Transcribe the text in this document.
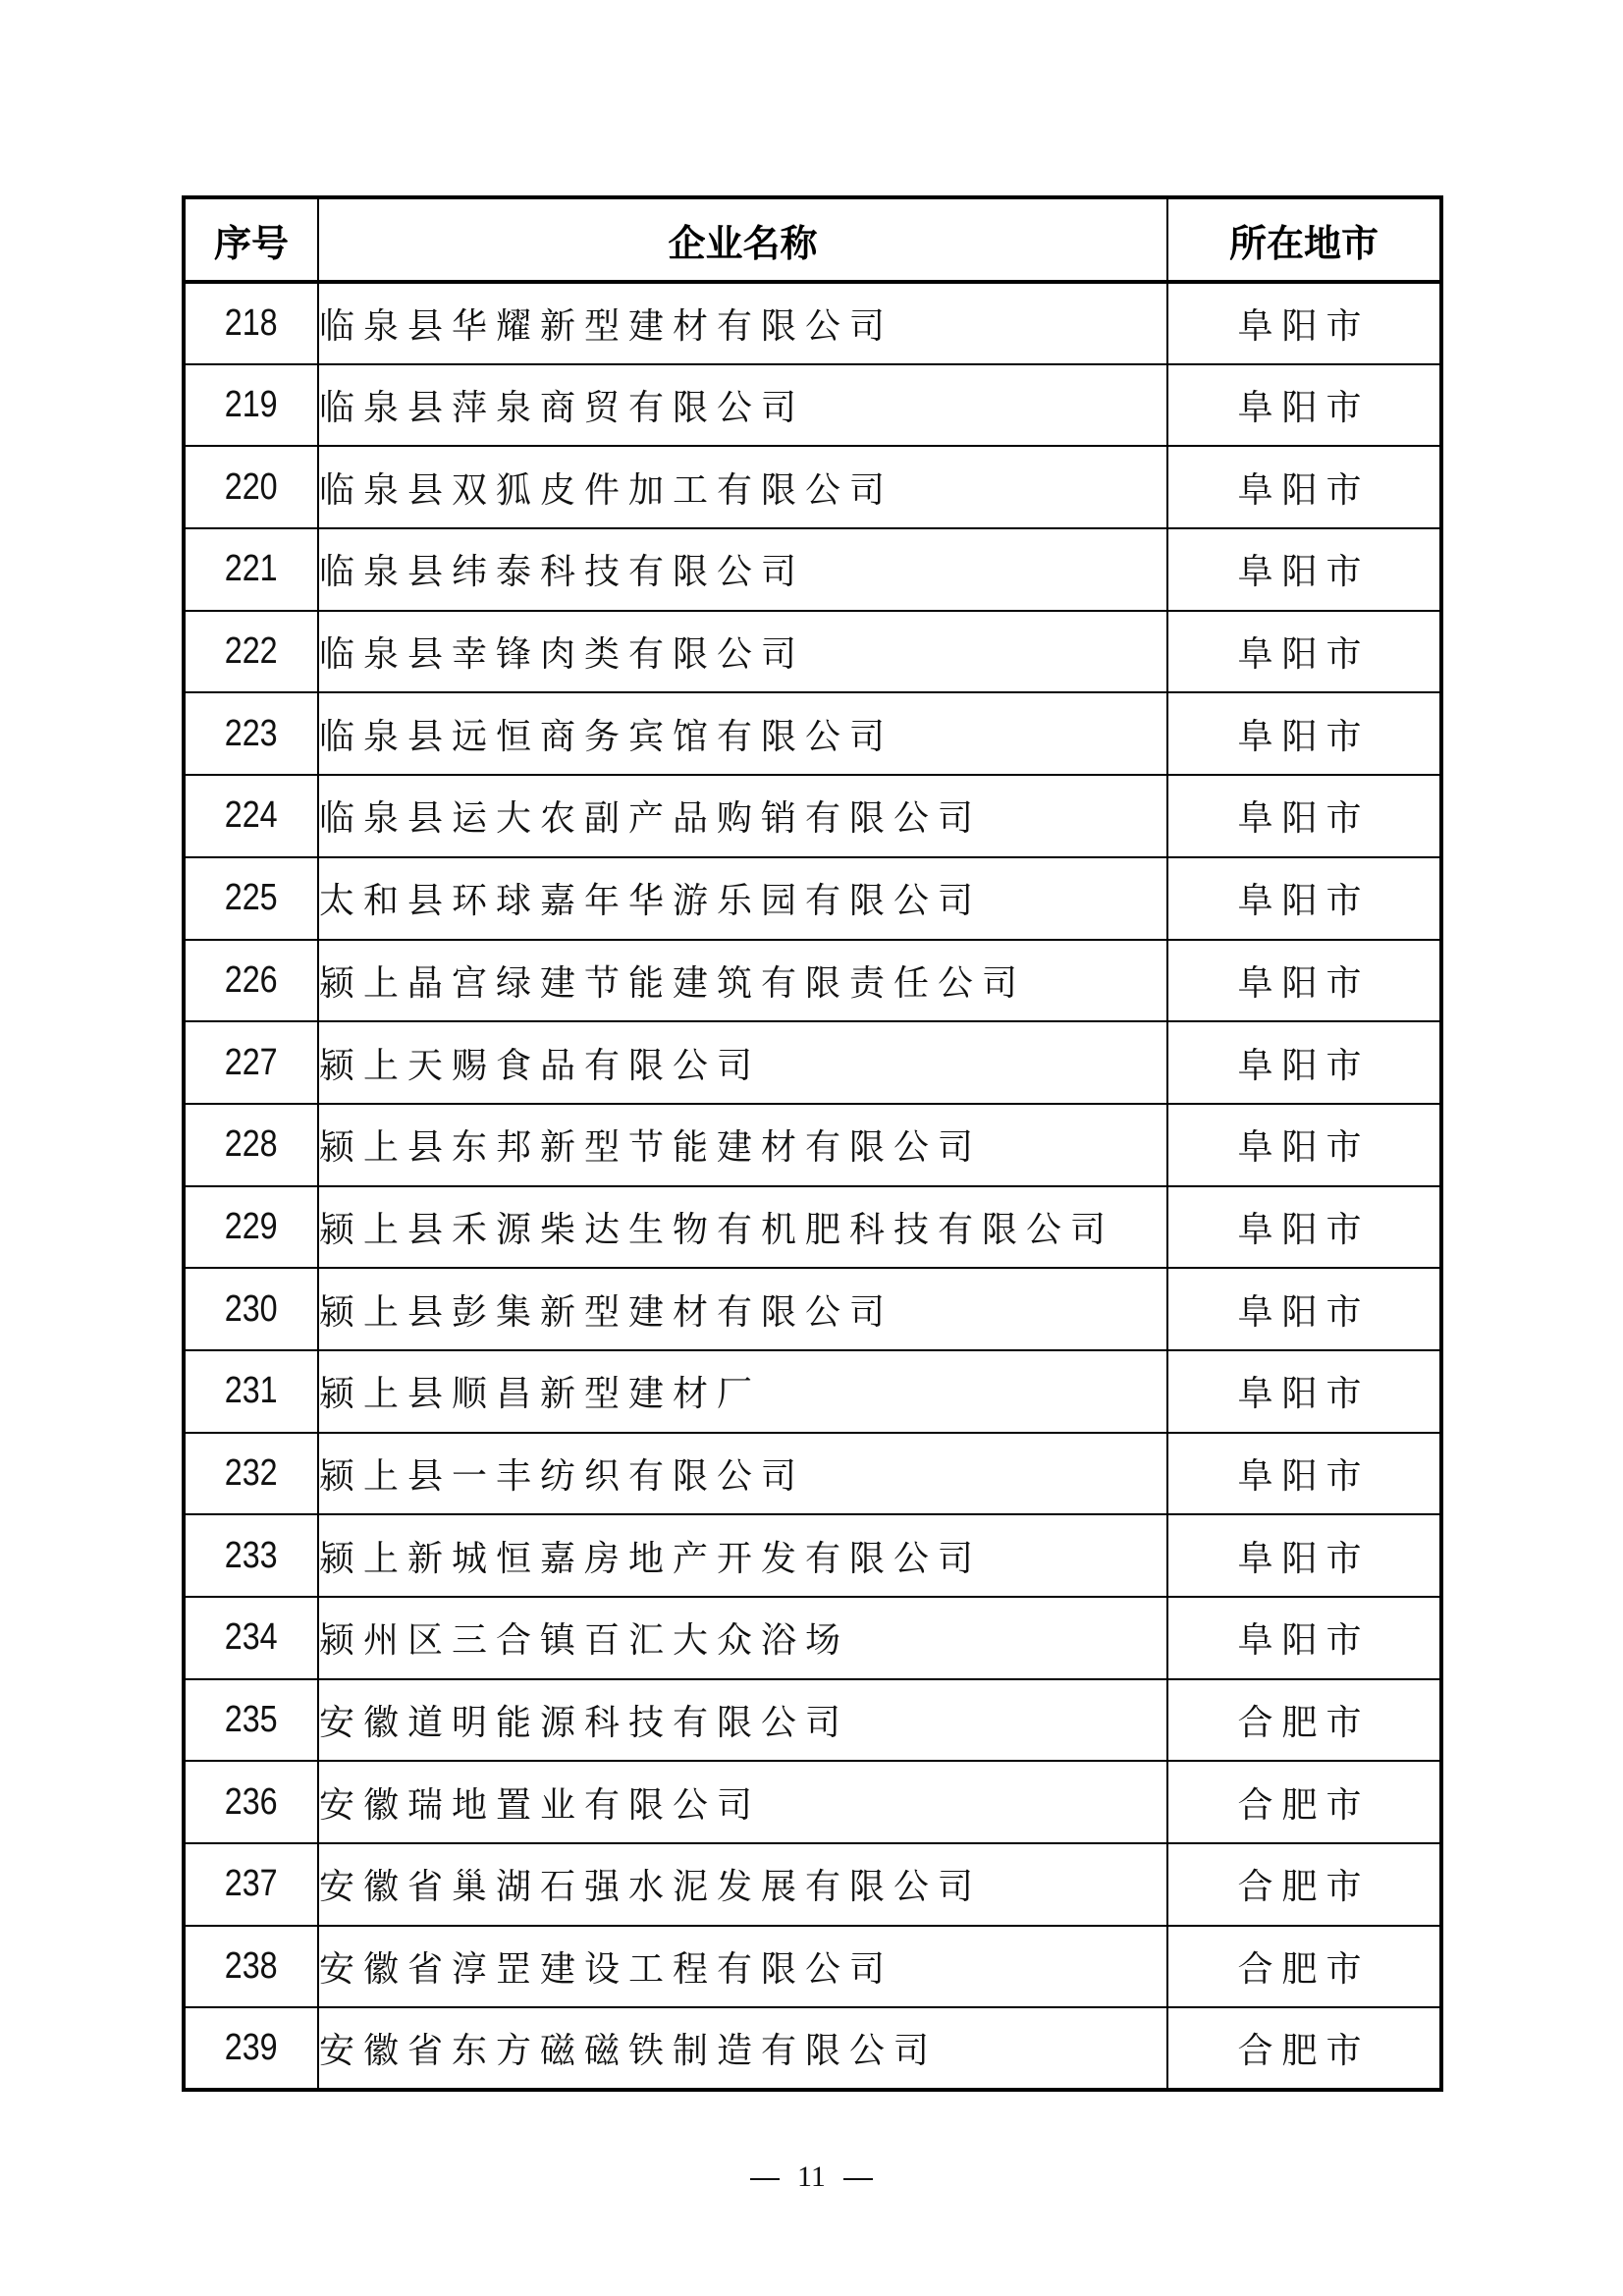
序号	企业名称	所在地市
218	临泉县华耀新型建材有限公司	阜阳市
219	临泉县萍泉商贸有限公司	阜阳市
220	临泉县双狐皮件加工有限公司	阜阳市
221	临泉县纬泰科技有限公司	阜阳市
222	临泉县幸锋肉类有限公司	阜阳市
223	临泉县远恒商务宾馆有限公司	阜阳市
224	临泉县运大农副产品购销有限公司	阜阳市
225	太和县环球嘉年华游乐园有限公司	阜阳市
226	颍上晶宫绿建节能建筑有限责任公司	阜阳市
227	颍上天赐食品有限公司	阜阳市
228	颍上县东邦新型节能建材有限公司	阜阳市
229	颍上县禾源柴达生物有机肥科技有限公司	阜阳市
230	颍上县彭集新型建材有限公司	阜阳市
231	颍上县顺昌新型建材厂	阜阳市
232	颍上县一丰纺织有限公司	阜阳市
233	颍上新城恒嘉房地产开发有限公司	阜阳市
234	颍州区三合镇百汇大众浴场	阜阳市
235	安徽道明能源科技有限公司	合肥市
236	安徽瑞地置业有限公司	合肥市
237	安徽省巢湖石强水泥发展有限公司	合肥市
238	安徽省淳罡建设工程有限公司	合肥市
239	安徽省东方磁磁铁制造有限公司	合肥市
11
